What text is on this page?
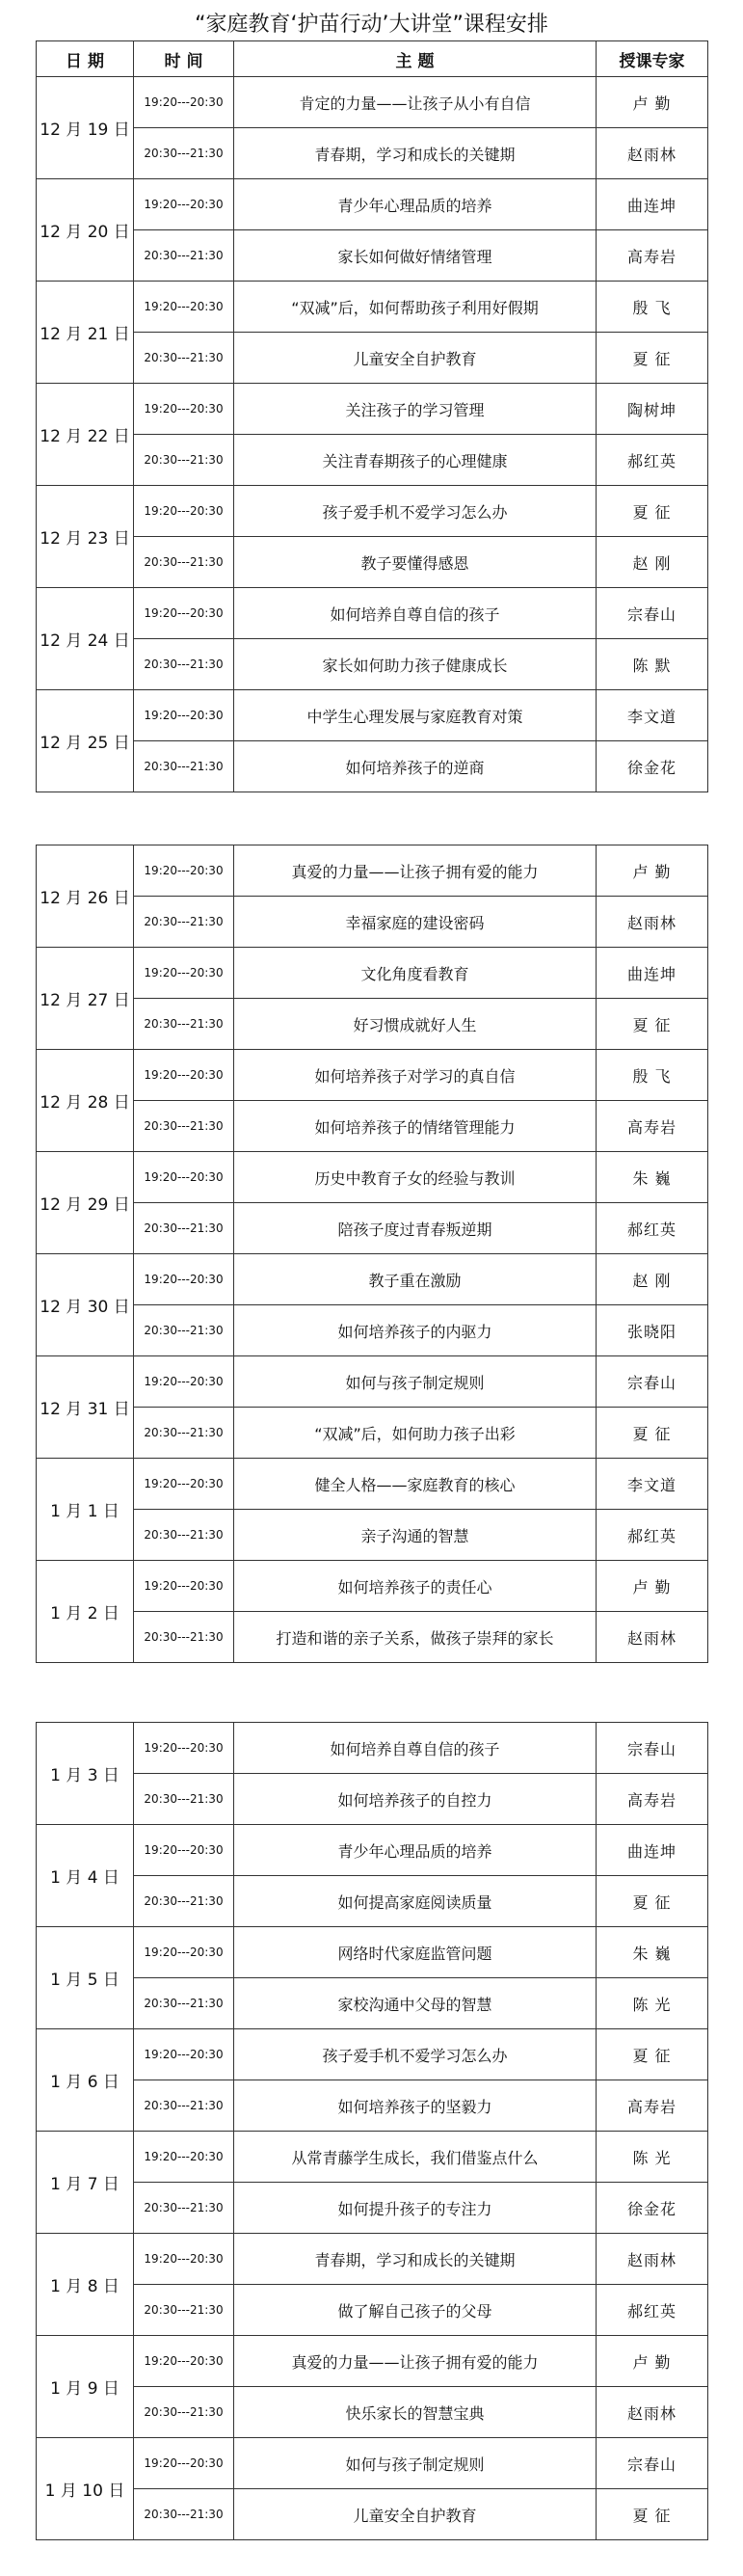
“家庭教育‘护苗行动’大讲堂”课程安排
日 期	时 间	主 题	授课专家
12 月 19 日	19:20---20:30	肯定的力量——让孩子从小有自信	卢 勤
	20:30---21:30	青春期，学习和成长的关键期	赵雨林
12 月 20 日	19:20---20:30	青少年心理品质的培养	曲连坤
	20:30---21:30	家长如何做好情绪管理	高寿岩
12 月 21 日	19:20---20:30	“双减”后，如何帮助孩子利用好假期	殷 飞
	20:30---21:30	儿童安全自护教育	夏 征
12 月 22 日	19:20---20:30	关注孩子的学习管理	陶树坤
	20:30---21:30	关注青春期孩子的心理健康	郝红英
12 月 23 日	19:20---20:30	孩子爱手机不爱学习怎么办	夏 征
	20:30---21:30	教子要懂得感恩	赵 刚
12 月 24 日	19:20---20:30	如何培养自尊自信的孩子	宗春山
	20:30---21:30	家长如何助力孩子健康成长	陈 默
12 月 25 日	19:20---20:30	中学生心理发展与家庭教育对策	李文道
	20:30---21:30	如何培养孩子的逆商	徐金花
12 月 26 日	19:20---20:30	真爱的力量——让孩子拥有爱的能力	卢 勤
	20:30---21:30	幸福家庭的建设密码	赵雨林
12 月 27 日	19:20---20:30	文化角度看教育	曲连坤
	20:30---21:30	好习惯成就好人生	夏 征
12 月 28 日	19:20---20:30	如何培养孩子对学习的真自信	殷 飞
	20:30---21:30	如何培养孩子的情绪管理能力	高寿岩
12 月 29 日	19:20---20:30	历史中教育子女的经验与教训	朱 巍
	20:30---21:30	陪孩子度过青春叛逆期	郝红英
12 月 30 日	19:20---20:30	教子重在激励	赵 刚
	20:30---21:30	如何培养孩子的内驱力	张晓阳
12 月 31 日	19:20---20:30	如何与孩子制定规则	宗春山
	20:30---21:30	“双减”后，如何助力孩子出彩	夏 征
1 月 1 日	19:20---20:30	健全人格——家庭教育的核心	李文道
	20:30---21:30	亲子沟通的智慧	郝红英
1 月 2 日	19:20---20:30	如何培养孩子的责任心	卢 勤
	20:30---21:30	打造和谐的亲子关系，做孩子崇拜的家长	赵雨林
1 月 3 日	19:20---20:30	如何培养自尊自信的孩子	宗春山
	20:30---21:30	如何培养孩子的自控力	高寿岩
1 月 4 日	19:20---20:30	青少年心理品质的培养	曲连坤
	20:30---21:30	如何提高家庭阅读质量	夏 征
1 月 5 日	19:20---20:30	网络时代家庭监管问题	朱 巍
	20:30---21:30	家校沟通中父母的智慧	陈 光
1 月 6 日	19:20---20:30	孩子爱手机不爱学习怎么办	夏 征
	20:30---21:30	如何培养孩子的坚毅力	高寿岩
1 月 7 日	19:20---20:30	从常青藤学生成长，我们借鉴点什么	陈 光
	20:30---21:30	如何提升孩子的专注力	徐金花
1 月 8 日	19:20---20:30	青春期，学习和成长的关键期	赵雨林
	20:30---21:30	做了解自己孩子的父母	郝红英
1 月 9 日	19:20---20:30	真爱的力量——让孩子拥有爱的能力	卢 勤
	20:30---21:30	快乐家长的智慧宝典	赵雨林
1 月 10 日	19:20---20:30	如何与孩子制定规则	宗春山
	20:30---21:30	儿童安全自护教育	夏 征
